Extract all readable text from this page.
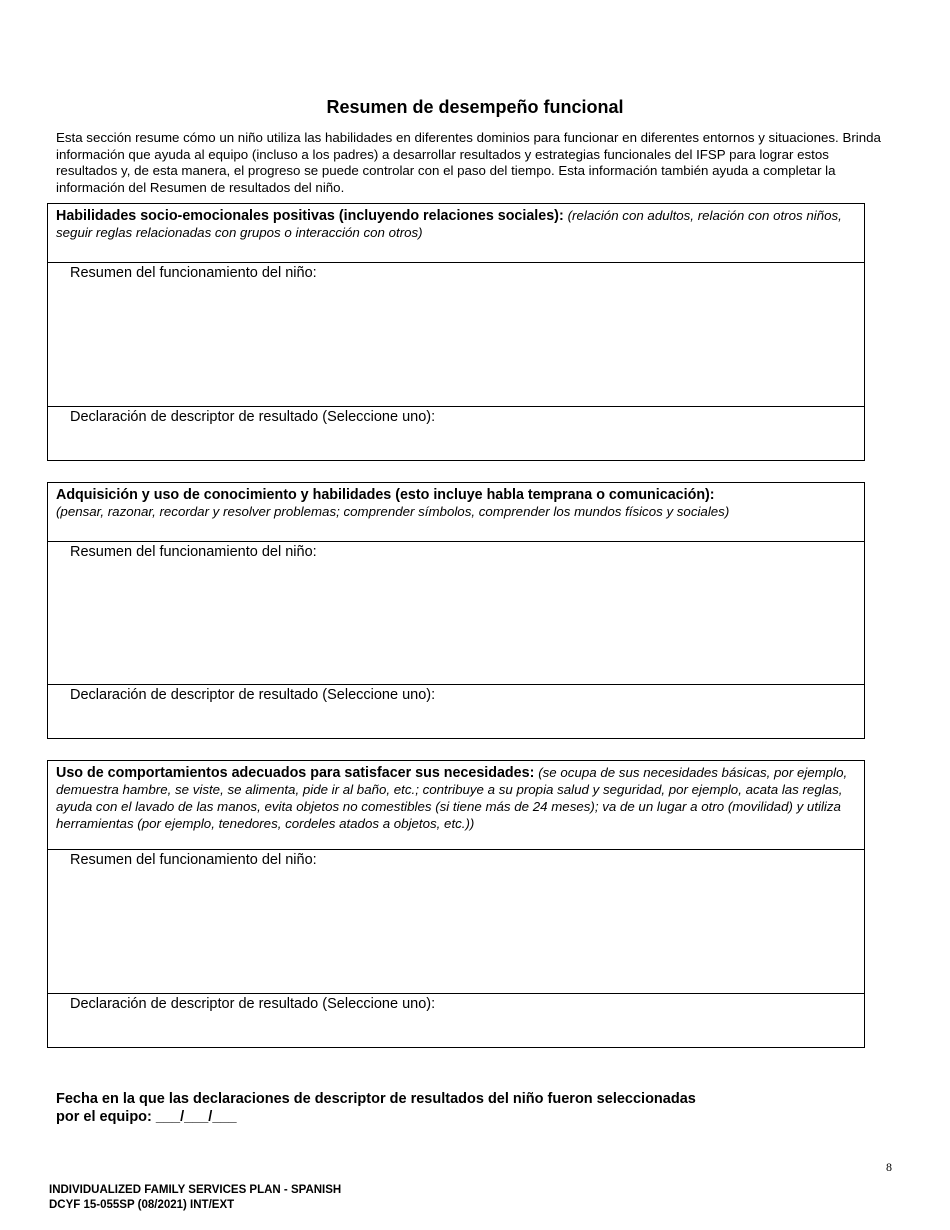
Resumen de desempeño funcional
Esta sección resume cómo un niño utiliza las habilidades en diferentes dominios para funcionar en diferentes entornos y situaciones. Brinda información que ayuda al equipo (incluso a los padres) a desarrollar resultados y estrategias funcionales del IFSP para lograr estos resultados y, de esta manera, el progreso se puede controlar con el paso del tiempo. Esta información también ayuda a completar la información del Resumen de resultados del niño.
Habilidades socio-emocionales positivas (incluyendo relaciones sociales): (relación con adultos, relación con otros niños, seguir reglas relacionadas con grupos o interacción con otros)
Resumen del funcionamiento del niño:
Declaración de descriptor de resultado (Seleccione uno):
Adquisición y uso de conocimiento y habilidades (esto incluye habla temprana o comunicación):
(pensar, razonar, recordar y resolver problemas; comprender símbolos, comprender los mundos físicos y sociales)
Resumen del funcionamiento del niño:
Declaración de descriptor de resultado (Seleccione uno):
Uso de comportamientos adecuados para satisfacer sus necesidades: (se ocupa de sus necesidades básicas, por ejemplo, demuestra hambre, se viste, se alimenta, pide ir al baño, etc.; contribuye a su propia salud y seguridad, por ejemplo, acata las reglas, ayuda con el lavado de las manos, evita objetos no comestibles (si tiene más de 24 meses); va de un lugar a otro (movilidad) y utiliza herramientas (por ejemplo, tenedores, cordeles atados a objetos, etc.))
Resumen del funcionamiento del niño:
Declaración de descriptor de resultado (Seleccione uno):
Fecha en la que las declaraciones de descriptor de resultados del niño fueron seleccionadas
por el equipo: ___/___/___
8
INDIVIDUALIZED FAMILY SERVICES PLAN - SPANISH
DCYF 15-055SP (08/2021) INT/EXT
